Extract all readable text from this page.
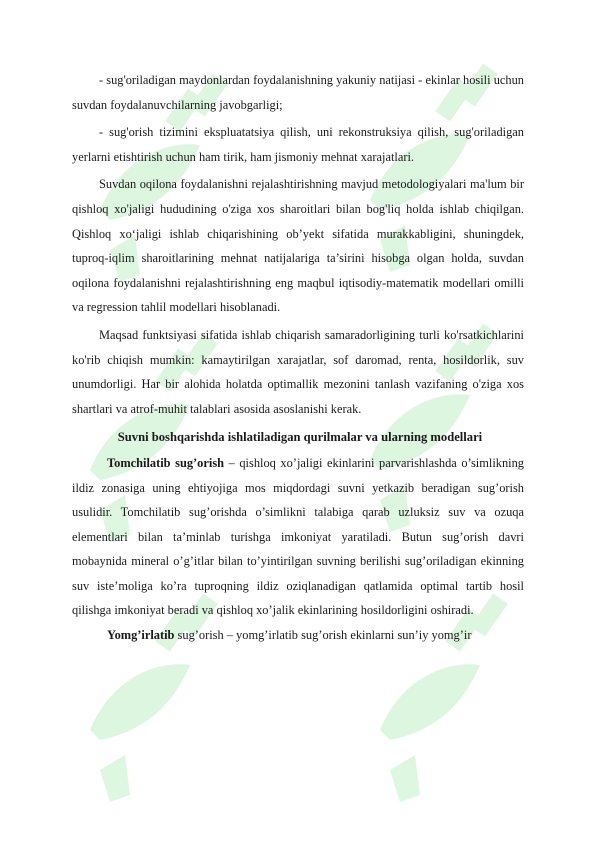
- sug'oriladigan maydonlardan foydalanishning yakuniy natijasi - ekinlar hosili uchun suvdan foydalanuvchilarning javobgarligi;

- sug'orish tizimini ekspluatatsiya qilish, uni rekonstruksiya qilish, sug'oriladigan yerlarni etishtirish uchun ham tirik, ham jismoniy mehnat xarajatlari.

Suvdan oqilona foydalanishni rejalashtirishning mavjud metodologiyalari ma'lum bir qishloq xo'jaligi hududining o'ziga xos sharoitlari bilan bog'liq holda ishlab chiqilgan. Qishloq xo‘jaligi ishlab chiqarishining ob’yekt sifatida murakkabligini, shuningdek, tuproq-iqlim sharoitlarining mehnat natijalariga ta’sirini hisobga olgan holda, suvdan oqilona foydalanishni rejalashtirishning eng maqbul iqtisodiy-matematik modellari omilli va regression tahlil modellari hisoblanadi.

Maqsad funktsiyasi sifatida ishlab chiqarish samaradorligining turli ko'rsatkichlarini ko'rib chiqish mumkin: kamaytirilgan xarajatlar, sof daromad, renta, hosildorlik, suv unumdorligi. Har bir alohida holatda optimallik mezonini tanlash vazifaning o'ziga xos shartlari va atrof-muhit talablari asosida asoslanishi kerak.

Suvni boshqarishda ishlatiladigan qurilmalar va ularning modellari

Tomchilatib sug’orish – qishloq xo’jaligi ekinlarini parvarishlashda o’simlikning ildiz zonasiga uning ehtiyojiga mos miqdordagi suvni yetkazib beradigan sug’orish usulidir. Tomchilatib sug’orishda o’simlikni talabiga qarab uzluksiz suv va ozuqa elementlari bilan ta’minlab turishga imkoniyat yaratiladi. Butun sug’orish davri mobaynida mineral o’g’itlar bilan to’yintirilgan suvning berilishi sug’oriladigan ekinning suv iste’moliga ko’ra tuproqning ildiz oziqlanadigan qatlamida optimal tartib hosil qilishga imkoniyat beradi va qishloq xo’jalik ekinlarining hosildorligini oshiradi.

Yomg’irlatib sug’orish – yomg’irlatib sug’orish ekinlarni sun’iy yomg’ir
